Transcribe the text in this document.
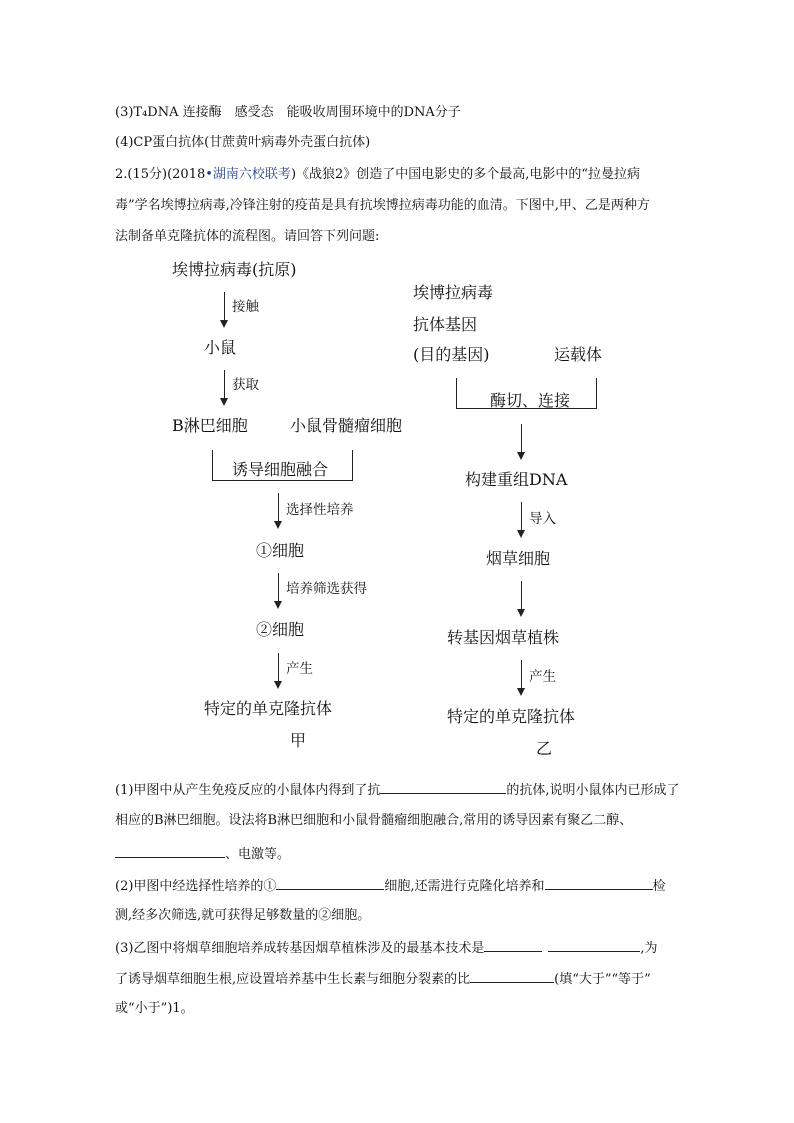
(3)T₄DNA 连接酶　感受态　能吸收周围环境中的DNA分子
(4)CP蛋白抗体(甘蔗黄叶病毒外壳蛋白抗体)
2.(15分)(2018•湖南六校联考)《战狼2》创造了中国电影史的多个最高,电影中的“拉曼拉病
毒”学名埃博拉病毒,冷锋注射的疫苗是具有抗埃博拉病毒功能的血清。下图中,甲、乙是两种方
法制备单克隆抗体的流程图。请回答下列问题:
埃博拉病毒(抗原)
接触
小鼠
获取
B淋巴细胞	小鼠骨髓瘤细胞
诱导细胞融合
选择性培养
①细胞
培养筛选获得
②细胞
产生
特定的单克隆抗体
甲
埃博拉病毒
抗体基因
(目的基因)	运载体
酶切、连接
构建重组DNA
导入
烟草细胞
转基因烟草植株
产生
特定的单克隆抗体
乙
(1)甲图中从产生免疫反应的小鼠体内得到了抗	的抗体,说明小鼠体内已形成了
相应的B淋巴细胞。设法将B淋巴细胞和小鼠骨髓瘤细胞融合,常用的诱导因素有聚乙二醇、
、电激等。
(2)甲图中经选择性培养的①	细胞,还需进行克隆化培养和	检
测,经多次筛选,就可获得足够数量的②细胞。
(3)乙图中将烟草细胞培养成转基因烟草植株涉及的最基本技术是	,为
了诱导烟草细胞生根,应设置培养基中生长素与细胞分裂素的比	(填“大于”“等于”
或“小于”)1。
